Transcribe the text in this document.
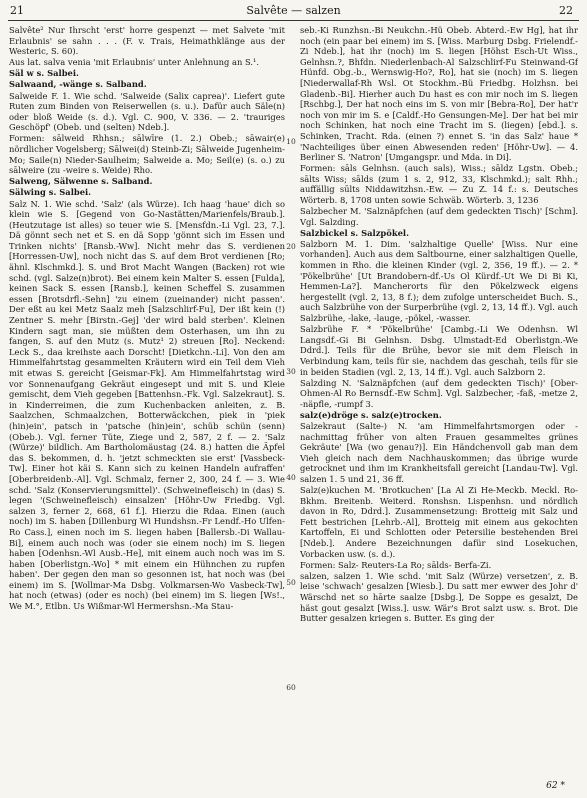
21	Salvête — salzen	22

Salvête² Nur Ihrscht 'erst' horre gespenzt — met Salvete 'mit Erlaubnis' se sahn . . . (F. v. Trais, Heimathklänge aus der Westeric, S. 60).

Aus lat. salva venia 'mit Erlaubnis' unter Anlehnung an S.¹.

Säl w s. Salbei.

Salwaand, -wänge s. Salband.

Salweide F. 1. Wie schd. 'Salweide (Salix caprea)'. Liefert gute Ruten zum Binden von Reiserwellen (s. u.). Dafür auch Säle(n) oder bloß Weide (s. d.). Vgl. C. 900, V. 336. — 2. 'trauriges Geschöpf' (Obeb. und (selten) Ndeb.].

Formen: sālweid Rhhsn.; sālwīre (1. 2.) Obeb.; sāwair(e) nördlicher Vogelsberg; Sālwei(d) Steinb-Zi; Sālweide Jugenheim-Mo; Saile(n) Nieder-Saulheim; Salweide a. Mo; Seil(e) (s. o.) zu sālweire (zu -weire s. Weide) Rho.

Salweng, Sälwenne s. Salband.

Sälwing s. Salbei.

Salz N. 1. Wie schd. 'Salz' (als Würze). Ich haag 'haue' dich so klein wie S. [Gegend von Go-Nastätten/Marienfels/Braub.]. (Heutzutage ist alles) so teuer wie S. [Mensfdn.-Li Vgl. 23, 7.]. Dä gönnt sech net et S. en dä Sopp 'gönnt sich im Essen und Trinken nichts' [Ransb.-Ww]. Nicht mehr das S. verdienen [Horressen-Uw], noch nicht das S. auf dem Brot verdienen [Ro; ähnl. Klschmkd.]. S. und Brot Macht Wangen (Backen) rot wie schd. (vgl. Salze(n)brot). Bei einem kein Malter S. essen [Fulda], keinen Sack S. essen [Ransb.], keinen Scheffel S. zusammen essen [Brotsdrfl.-Sehn] 'zu einem (zueinander) nicht passen'. Der eßt au kei Metz Saalz meh [Salzschlirf-Fu], Der ißt kein (!) Zentner S. mehr [Birstn.-Gej] 'der wird bald sterben'. Kleinen Kindern sagt man, sie müßten dem Osterhasen, um ihn zu fangen, S. auf den Mutz (s. Mutz¹ 2) streuen [Ro]. Neckend: Leck S., daa kreihste aach Dorscht! [Dietkchn.-Li]. Von den am Himmelfahrtstag gesammelten Kräutern wird ein Teil dem Vieh mit etwas S. gereicht [Geismar-Fk]. Am Himmelfahrtstag wird vor Sonnenaufgang Gekräut eingesept und mit S. und Kleie gemischt, dem Vieh gegeben [Battenhsn.-Fk. Vgl. Salzekraut]. S. in Kinderreimen, die zum Kuchenbacken anleiten, z. B. Saalzchen, Schmaalzchen, Botterwäckchen, piek in 'piek (hin)ein', patsch in 'patsche (hin)ein', schüb schün (senn) (Obeb.). Vgl. ferner Tüte, Ziege und 2, 587, 2 f. — 2. 'Salz (Würze)' bildlich. Am Bartholomäustag (24. 8.) hatten die Äpfel das S. bekommen, d. h. 'jetzt schmeckten sie erst' [Vassbeck-Tw]. Einer hot käi S. Kann sich zu keinen Handeln aufraffen' [Oberbreidenb.-Al]. Vgl. Schmalz, ferner 2, 300, 24 f. — 3. Wie schd. 'Salz (Konservierungsmittel)'. (Schweinefleisch) in (das) S. legen '(Schweinefleisch) einsalzen' [Höhr-Uw Friedbg. Vgl. salzen 3, ferner 2, 668, 61 f.]. Hierzu die Rdaa. Einen (auch noch) im S. haben [Dillenburg Wi Hundshsn.-Fr Lendf.-Ho Ulfen-Ro Cass.], einen noch im S. liegen haben [Ballersb.-Di Wallau-Bi], einem auch noch was (oder sie einem noch) im S. liegen haben [Odenhsn.-Wl Ausb.-He], mit einem auch noch was im S. haben [Oberlistgn.-Wo] * mit einem ein Hühnchen zu rupfen haben'. Der gegen den man so gesonnen ist, hat noch was (bei einem) im S. [Wollmar-Ma Dsbg. Volkmarsen-Wo Vasbeck-Tw], hat noch (etwas) (oder es noch) (bei einem) im S. liegen [Ws!., We M.°, Etlbn. Us Wißmar-Wl Hermershsn.-Ma Stau-

10
20
30
40
50
60

seb.-Ki Runzhsn.-Bi Neukchn.-Hü Obeb. Abterd.-Ew Hg], hat ihr noch (ein paar bei einem) im S. [Wiss. Marburg Dsbg. Frielendf.-Zi Ndeb.], hat ihr (noch) im S. liegen [Höhst Esch-Ut Wiss., Gelnhsn.?, Bhfdn. Niederlenbach-Al Salzschlirf-Fu Steinwand-Gf Hünfd. Obg.-b., Wernswig-Ho?, Ro], hat sie (noch) im S. liegen [Niederwallaf-Rh Wsl. Ot Stockhm.-Bü Friedbg. Holzhsn. bei Gladenb.-Bi]. Hierher auch Du hast es con mir noch im S. liegen [Rschbg.], Der hat noch eins im S. von mir [Bebra-Ro], Der hat'r noch von mir im S. e [Caldf.-Ho Gensungen-Me]. Der hat bei mir noch Schinken, hat noch eine Tracht im S. (liegen) [ebd.]. s. Schinken, Tracht. Rda. (einen ?) ennet S. 'in das Salz' haue * 'Nachteiliges über einen Abwesenden reden' [Höhr-Uw]. — 4. Berliner S. 'Natron' [Umgangspr. und Mda. in Di].

Formen: sāls Gelnhsn. (auch sals), Wiss.; sāldz Lgstn. Obeb.; sālts Wiss; sālds (zum 1 s. 2, 912, 33, Klschmkd.); salt Rhh.; auffällig sūlts Niddawitzhsn.-Ew. — Zu Z. 14 f.: s. Deutsches Wörterb. 8, 1708 unten sowie Schwäb. Wörterb. 3, 1236

Salzbecher M. 'Salznäpfchen (auf dem gedeckten Tisch)' [Schm]. Vgl. Salzding.

Salzbickel s. Salzpökel.

Salzborn M. 1. Dim. 'salzhaltige Quelle' [Wiss. Nur eine vorhanden]. Auch aus dem Saltbourne, einer salzhaltigen Quelle, kommen in Rho. die kleinen Kinder (vgl. 2, 356, 19 ff.). — 2. * 'Pökelbrühe' [Ut Brandobern-df.-Us Ol Kürdf.-Ut We Di Bi Ki, Hemmen-La?]. Mancherorts für den Pökelzweck eigens hergestellt (vgl. 2, 13, 8 f.); dem zufolge unterscheidet Buch. S., auch Salzbrühe von der Surperbrühe (vgl. 2, 13, 14 ff.). Vgl. auch Salzbrühe, -lake, -lauge, -pökel, -wasser.

Salzbrühe F. * 'Pökelbrühe' [Cambg.-Li We Odenhsn. Wl Langsdf.-Gi Bi Gelnhsn. Dsbg. Ulmstadt-Ed Oberlistgn.-We Ddrd.]. Teils für die Brühe, bevor sie mit dem Fleisch in Verbindung kam, teils für sie, nachdem das geschah, teils für sie in beiden Stadien (vgl. 2, 13, 14 ff.). Vgl. auch Salzborn 2.

Salzding N. 'Salznäpfchen (auf dem gedeckten Tisch)' [Ober-Ohmen-Al Ro Bernsdf.-Ew Schm]. Vgl. Salzbecher, -faß, -metze 2, -näpfle, -rumpf 3.

salz(e)dröge s. salz(e)trocken.

Salzekraut (Salte-) N. 'am Himmelfahrtsmorgen oder -nachmittag früher von alten Frauen gesammeltes grünes Gekräute' [Wa (wo genau?)]. Ein Händchenvoll gab man dem Vieh gleich nach dem Nachhauskommen; das übrige wurde getrocknet und ihm im Krankheitsfall gereicht [Landau-Tw]. Vgl. salzen 1. 5 und 21, 36 ff.

Salz(e)kuchen M. 'Brotkuchen' [La Al Zi He-Meckb. Meckl. Ro-Bkhm. Breitenb. Weiterd. Ronshsn. Lispenhsn. und nördlich davon in Ro, Ddrd.]. Zusammensetzung: Brotteig mit Salz und Fett bestrichen [Lehrb.-Al], Brotteig mit einem aus gekochten Kartoffeln, Ei und Schlotten oder Petersilie bestehenden Brei [Ndeb.]. Andere Bezeichnungen dafür sind Losekuchen, Vorbacken usw. (s. d.).

Formen: Salz- Reuters-La Ro; sālds- Berfa-Zi.

salzen, salzen 1. Wie schd. 'mit Salz (Würze) versetzen', z. B. leise 'schwach' gesalzen [Wiesb.]. Du satt mer ewwer des Johr d' Wärschd net so hārte saalze [Dsbg.], De Soppe es gesalzt, De häst gout gesalzt [Wiss.]. usw. Wär's Brot salzt usw. s. Brot. Die Butter gesalzen kriegen s. Butter. Es ging der

62 *
